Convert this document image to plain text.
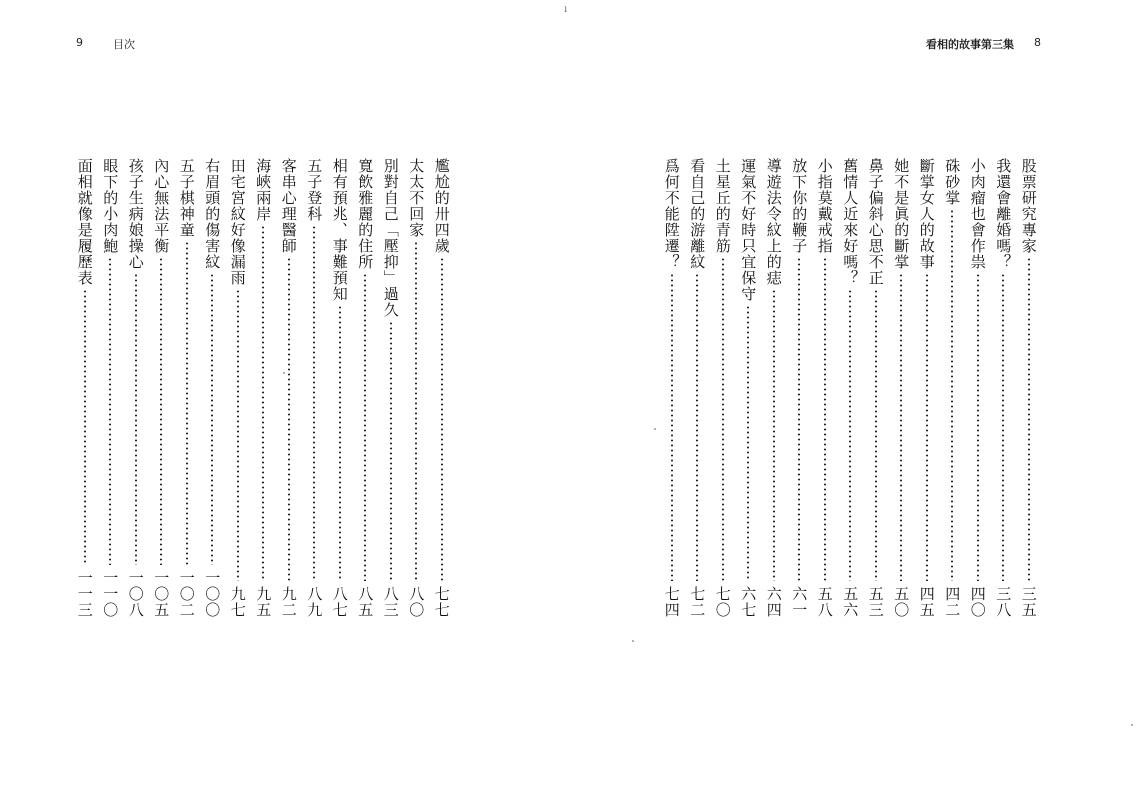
9	目次
尷尬的卅四歲
七七
太太不回家
八〇
別對自己「壓抑」過久
八三
寬飲雅麗的住所
八五
相有預兆、事難預知
八七
五子登科
八九
客串心理醫師
九二
海峽兩岸
九五
田宅宮紋好像漏雨
九七
右眉頭的傷害紋
一〇〇
五子棋神童
一〇二
內心無法平衡
一〇五
孩子生病娘操心
一〇八
眼下的小肉鮑
一一〇
面相就像是履歷表
一一三
ı
看相的故事第三集 8
股票研究專家
三五
我還會離婚嗎？
三八
小肉瘤也會作祟
四〇
硃砂掌
四二
斷掌女人的故事
四五
她不是眞的斷掌
五〇
鼻子偏斜心思不正
五三
舊情人近來好嗎？
五六
小指莫戴戒指
五八
放下你的鞭子
六一
導遊法令紋上的痣
六四
運氣不好時只宜保守
六七
土星丘的青筋
七〇
看自己的游離紋
七二
爲何不能陞遷？
七四
